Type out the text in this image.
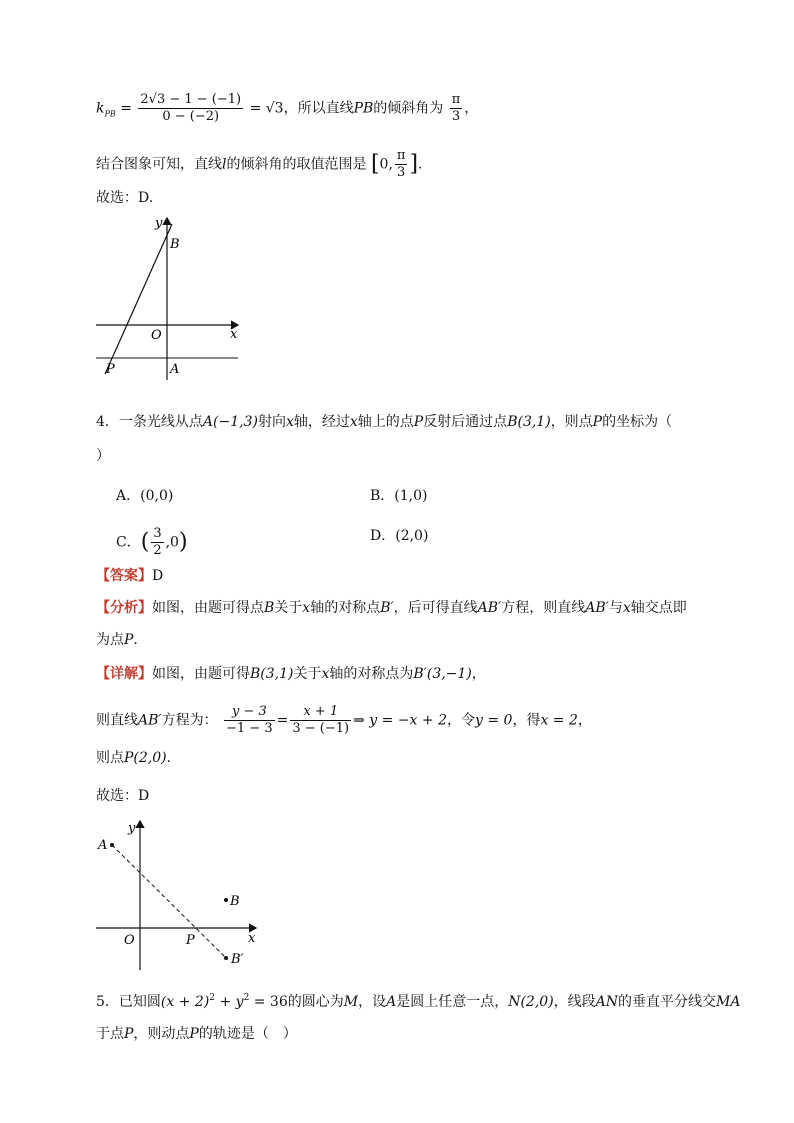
$k_{PB} = \frac{2√3 - 1 - (-1)}{0 - (-2)} = √3$，所以直线PB的倾斜角为 $\frac{\pi}{3}$ ，
结合图象可知，直线l的倾斜角的取值范围是 [0, $\frac{\pi}{3}$ ].
故选：D.
y
B
x
O
P	A
4．一条光线从点A(−1,3)射向x轴，经过x轴上的点P反射后通过点B(3,1)，则点P的坐标为（
）
A．(0,0)	B．(1,0)
C．( $\frac{3}{2} ,0$)	D．(2,0)
【答案】D
【分析】如图，由题可得点B关于x轴的对称点B′，后可得直线AB′方程，则直线AB′与x轴交点即
为点P.
【详解】如图，由题可得B(3,1)关于x轴的对称点为B′(3,−1)，
则直线AB′方程为： $\frac{y - 3}{-1 - 3} = \frac{x + 1}{3 - (-1)}$ ⇒ y = −x + 2，令y = 0，得x = 2，
则点P(2,0).
故选：D
y
A
B
x
O	P
B′
5．已知圆$(x + 2)^2 + y^2 = 36$的圆心为M，设A是圆上任意一点，N(2,0)，线段AN的垂直平分线交MA
于点P，则动点P的轨迹是（　）
